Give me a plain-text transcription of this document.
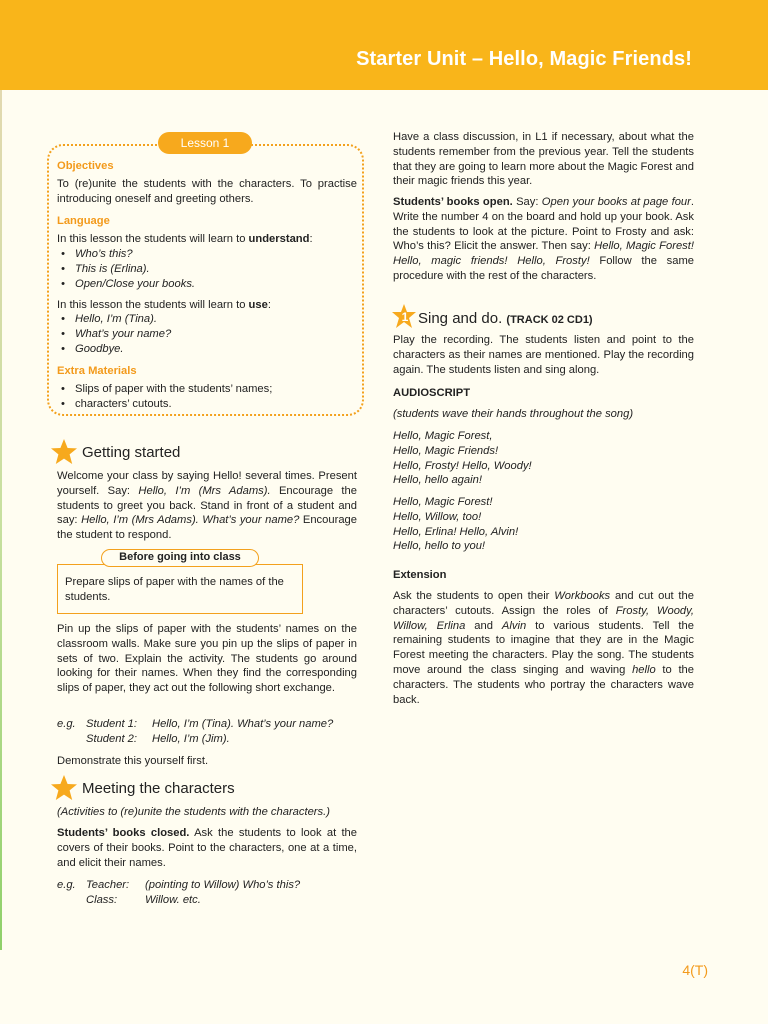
Starter Unit – Hello, Magic Friends!
Lesson 1
Objectives

To (re)unite the students with the characters. To practise introducing oneself and greeting others.

Language

In this lesson the students will learn to understand:

• Who’s this?
• This is (Erlina).
• Open/Close your books.

In this lesson the students will learn to use:

• Hello, I’m (Tina).
• What’s your name?
• Goodbye.
Extra Materials
• Slips of paper with the students’ names;
• characters’ cutouts.
Getting started

Welcome your class by saying Hello! several times. Present yourself. Say: Hello, I’m (Mrs Adams). Encourage the students to greet you back. Stand in front of a student and say: Hello, I’m (Mrs Adams). What’s your name? Encourage the student to respond.

Before going into class

Prepare slips of paper with the names of the students.

Pin up the slips of paper with the students’ names on the classroom walls. Make sure you pin up the slips of paper in sets of two. Explain the activity. The students go around looking for their names. When they find the corresponding slips of paper, they act out the following short exchange.

e.g. Student 1: Hello, I’m (Tina). What’s your name?
Student 2: Hello, I’m (Jim).

Demonstrate this yourself first.

Meeting the characters

(Activities to (re)unite the students with the characters.)

Students’ books closed. Ask the students to look at the covers of their books. Point to the characters, one at a time, and elicit their names.

e.g. Teacher: (pointing to Willow) Who’s this?
Class: Willow. etc.

Have a class discussion, in L1 if necessary, about what the students remember from the previous year. Tell the students that they are going to learn more about the Magic Forest and their magic friends this year.

Students’ books open. Say: Open your books at page four. Write the number 4 on the board and hold up your book. Ask the students to look at the picture. Point to Frosty and ask: Who’s this? Elicit the answer. Then say: Hello, Magic Forest! Hello, magic friends! Hello, Frosty! Follow the same procedure with the rest of the characters.

1 Sing and do. (TRACK 02 CD1)

Play the recording. The students listen and point to the characters as their names are mentioned. Play the recording again. The students listen and sing along.

AUDIOSCRIPT

(students wave their hands throughout the song)

Hello, Magic Forest,
Hello, Magic Friends!
Hello, Frosty! Hello, Woody!
Hello, hello again!
Hello, Magic Forest!
Hello, Willow, too!
Hello, Erlina! Hello, Alvin!
Hello, hello to you!
Extension

Ask the students to open their Workbooks and cut out the characters’ cutouts. Assign the roles of Frosty, Woody, Willow, Erlina and Alvin to various students. Tell the remaining students to imagine that they are in the Magic Forest meeting the characters. Play the song. The students move around the class singing and waving hello to the characters. The students who portray the characters wave back.

4(T)
